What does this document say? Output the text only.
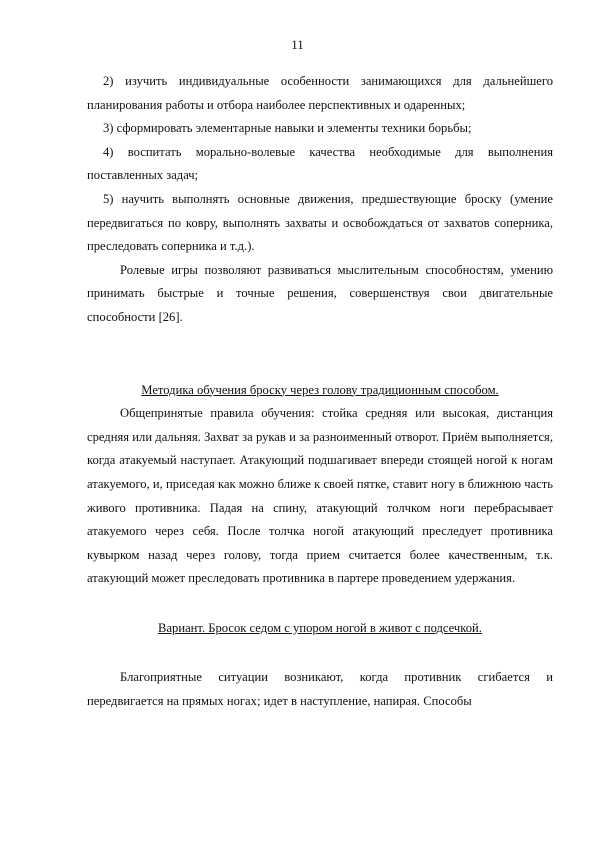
11

2) изучить индивидуальные особенности занимающихся для дальнейшего планирования работы и отбора наиболее перспективных и одаренных;

3) сформировать элементарные навыки и элементы техники борьбы;

4) воспитать морально-волевые качества необходимые для выполнения поставленных задач;

5) научить выполнять основные движения, предшествующие броску (умение передвигаться по ковру, выполнять захваты и освобождаться от захватов соперника, преследовать соперника и т.д.).

Ролевые игры позволяют развиваться мыслительным способностям, умению принимать быстрые и точные решения, совершенствуя свои двигательные способности [26].

Методика обучения броску через голову традиционным способом.

Общепринятые правила обучения: стойка средняя или высокая, дистанция средняя или дальняя. Захват за рукав и за разноименный отворот. Приём выполняется, когда атакуемый наступает. Атакующий подшагивает впереди стоящей ногой к ногам атакуемого, и, приседая как можно ближе к своей пятке, ставит ногу в ближнюю часть живого противника. Падая на спину, атакующий толчком ноги перебрасывает атакуемого через себя. После толчка ногой атакующий преследует противника кувырком назад через голову, тогда прием считается более качественным, т.к. атакующий может преследовать противника в партере проведением удержания.

Вариант. Бросок седом с упором ногой в живот с подсечкой.

Благоприятные ситуации возникают, когда противник сгибается и передвигается на прямых ногах; идет в наступление, напирая. Способы
